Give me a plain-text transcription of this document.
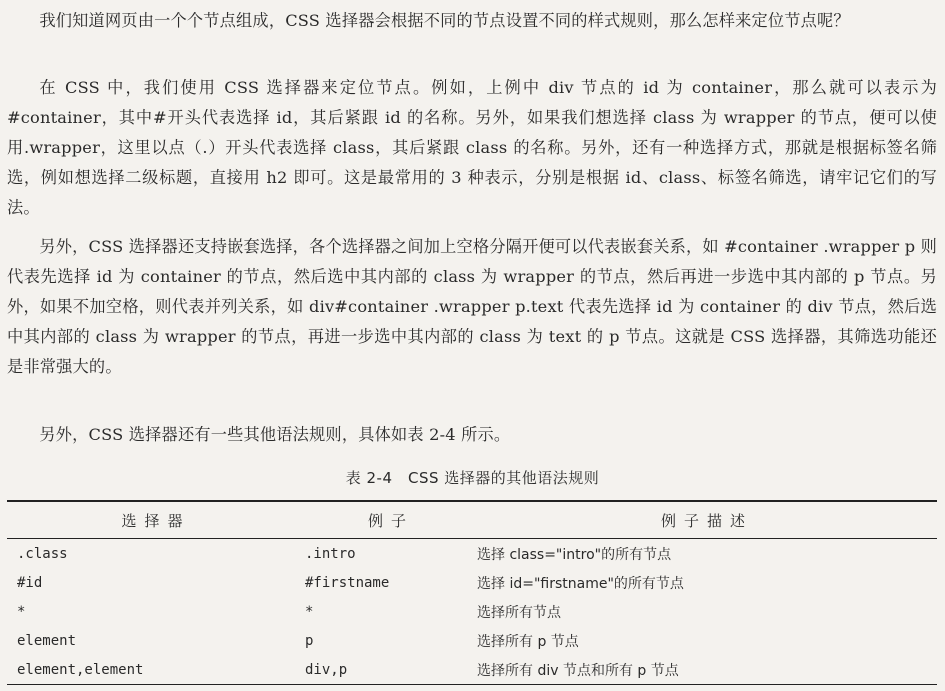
我们知道网页由一个个节点组成，CSS 选择器会根据不同的节点设置不同的样式规则，那么怎样来定位节点呢？

在 CSS 中，我们使用 CSS 选择器来定位节点。例如，上例中 div 节点的 id 为 container，那么就可以表示为#container，其中#开头代表选择 id，其后紧跟 id 的名称。另外，如果我们想选择 class 为 wrapper 的节点，便可以使用.wrapper，这里以点（.）开头代表选择 class，其后紧跟 class 的名称。另外，还有一种选择方式，那就是根据标签名筛选，例如想选择二级标题，直接用 h2 即可。这是最常用的 3 种表示，分别是根据 id、class、标签名筛选，请牢记它们的写法。

另外，CSS 选择器还支持嵌套选择，各个选择器之间加上空格分隔开便可以代表嵌套关系，如 #container .wrapper p 则代表先选择 id 为 container 的节点，然后选中其内部的 class 为 wrapper 的节点，然后再进一步选中其内部的 p 节点。另外，如果不加空格，则代表并列关系，如 div#container .wrapper p.text 代表先选择 id 为 container 的 div 节点，然后选中其内部的 class 为 wrapper 的节点，再进一步选中其内部的 class 为 text 的 p 节点。这就是 CSS 选择器，其筛选功能还是非常强大的。

另外，CSS 选择器还有一些其他语法规则，具体如表 2-4 所示。

表 2-4　CSS 选择器的其他语法规则
选择器	例子	例子描述
.class	.intro	选择 class="intro"的所有节点
#id	#firstname	选择 id="firstname"的所有节点
*	*	选择所有节点
element	p	选择所有 p 节点
element,element	div,p	选择所有 div 节点和所有 p 节点
